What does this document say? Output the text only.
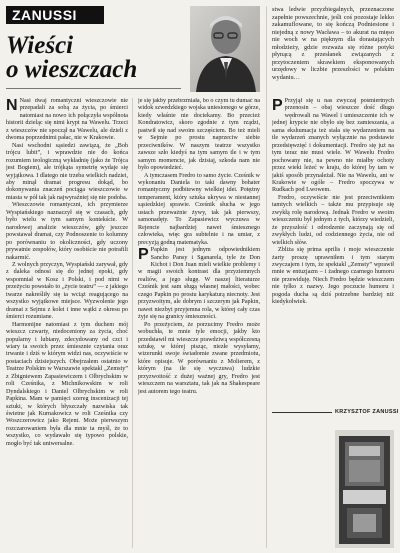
ZANUSSI
Wieści
o wieszczach
stwa ledwie przyzbiegalnych, przeznaczone zapełnie powszechnie, jeśli coś pozostaje lekko zakamuflowane, to się kończą Podniesione i niejedną z nowy Wacława – to akurat na mięso nie woch w na pięknym dla dorastających młodzieży, gdzie rozważa się różne potyki płynącą z przesłanek związanych z przytoczeniem skrawkiem eksponowanych urzędowy w liczbie przeszłości w polskim wydaniu…

N Nasi dwaj romantyczni wieszczowie nie przepadali za sobą za życia, po śmierci natomiast na nowo ich połączyła wspólnota historii dzieląc się nimi krypt na Wawelu. Trzeci z wieszczów nie spoczął na Wawelu, ale dzieli z dwoma poprzednimi pałac, nie w Krakowie.

Nasi wschodni sąsiedzi zawiązą, że „Boh trójcu lubit”, i wprawdzie nie do końca rozumiem teologiczną wykładnię (jako że Trójca jest Bogiem), ale trójkąta symetrię wydaje się wyjątkowa. I dlatego nie trzeba wielkich nadziei, aby minął dramat progresu dokąd, bo dokonywania znaczeń pociąga wieszczowie w miasta w pół tak jak najwyraźniej się nie podoba.

Wieszczowie romantyczni, ich przymierze Wyspiańskiego naznaczył się w czasach, gdy było wielu w tym samym kontekście. W narodowej analizie wieszczów, gdy jeszcze powstawał dramat, czy Podnoszenie to kolumny po porównaniu to okoliczności, gdy uczony prywatnie zespołów, który osobiście nie potrafili nakarmić.

Z wolnych przyczyn, Wyspiański zarywał, gdy z daleka odnosi się do jednej epoki, gdy wspomniał w Kosz i Polski, i pod nimi w przeżyciu powstało to „życie teatru” — z jakiego twarze nakreśliły się ta wciąż reagującego na wszystko wyjątkowe miejsce. Wyzwolenie jego dramat z Sejmu z kolei i inne wątki z okresu po śmierci rozumiane.

Harmonijne natomiast z tym duchem mój wieszcz czwarty, niedoceniony za życia, choć popularny i lubiany, zdecydowany od czci i wiary ta swoich przez śmiesznie czytania oraz trwanie i dziś w którym widzi nas, oczywiście w postaciach dzisiejszych. Obejrzałem ostatnio w Teatrze Polskim w Warszawie spektakl „Zemsty” z Zbigniewem Zapasiewiczem i Olbrychskim w roli Cześnika, z Michnikowskim w roli Dyndalskiego i Daniel Olbrychskim w roli Papkina. Mam w pamięci szereg inscenizacji tej sztuki, w których błyszczały nazwiska tak świetne jak Kurnakowicz w roli Cześnika czy Woszczerowicz jako Rejent. Może pierwszym rozczarowaniem była dla mnie ta myśl, że to wszystko, co wydawało się typowo polskie, mogło być tak uniwersalne.

je się jakby przebrzmiała, bo o czym tu dumać na widok szwedzkiego wojska uniesionego w górze, kiedy właśnie nie dociekamy. Bo przecież Kondratowicz, skoro zgodnie z tym rządzi, pastwił się nad swoim szczęściem. Bo też mieli w Sejmie po prostu naprzeciw siebie przeciwników. W naszym teatrze wszystko zawsze szło kiedyś na tym samym tle i w tym samym momencie, jak dzisiaj, szkoda nam nie było opowiedzieć.

A tymczasem Fredro to samo życie. Cześnik w wykonaniu Daniela to taki dawny bohater romantyczny podbitewny wielkiej idei. Potężny temperament, który sztuka ukrywa w niestannej sąsiedzkiej sprawie. Cześnik słucha w jego ustach przeważnie żywy, tak jak pierwszy, samonadęty. To Zapasiewicz wyczuwa w Rejencie najbardziej nawet śmiesznego człowieka, więc gra subtelnie i na umiar, z precyzją godną matematyka.

P Papkin jest jednym odpowiednikiem Sancho Pansy i Sganarela, tyle że Don Kichot i Don Juan mieli wielkie problemy i w magii swoich kontrast dla przyziemnych realiów, a jego sługę. W naszej literaturze Cześnik jest sam sługą własnej małości, wobec czego Papkin po prostu karykaturą niecnoty. Jest przyzwoitym, ale dobrym i szczerym jak Papkin, nawet niezbyt przyjemna rola, w której cały czas żyje się na granicy śmieszności.

Po przeżyciem, że porzucimy Fredro może wobuchła, te mnie tyle emocji, jakby kto przedstawił mi wieszcze prawdziwą współczesną sztukę, w której pisząc, niezłe wysyłamy, wizerunki swoje świadomie zwane przedmiotu, które opisuje. W porównaniu z Molierem, z którym (na ile się wyczuwa) ludzkie przyzwoitość z dużej ważnej gry, Fredro jest wieszczem na warsztatu, tak jak na Shakespeare jest autorem tego teatru.

P Przyjął się u nas zwyczaj pośmiertnych przenosin – obaj wieszcze dość długo wędrowali na Wawel i umieszczenie ich w jednej krypcie nie obyło się bez zamieszania, a sama ekshumacja też stała się wydarzeniem na tle wydarzeń znanych wyłącznie na podstawie przedsięwzięć i dokumentacji. Fredro się już na tym teraz nie musi wiele. W Wawelu Fredro pochowany nie, na pewno nie miałby ochoty przez wieki leżeć w kraju, do której by tam w jakiś sposób przynależał. Nie na Wawelu, ani w Krakowie w ogóle – Fredro spoczywa w Rudkach pod Lwowem.

Fredro, oczywiście nie jest przeciwnikiem tamtych wielkich – także mu przypisuje się zwykłą rolę narodową. Jednak Fredro w swoim wieszczeniu był jednym z tych, którzy wiedzieli, że przyszłość i odrodzenie zaczynają się od zwykłych ludzi, od codziennego życia, nie od wielkich słów.

Zbliża się prima aprilis i moje wieszczenie żarty proszę uprawniłem i tym starym zwyczajem i tym, że spektakl „Zemsty” wprawił mnie w entuzjazm – i żadnego czarnego humoru nie przewiduję. Niech Fredro będzie wieszczem nie tylko z nazwy. Jego poczucie humoru i pogoda ducha są dziś potrzebne bardziej niż kiedykolwiek.

KRZYSZTOF ZANUSSI
